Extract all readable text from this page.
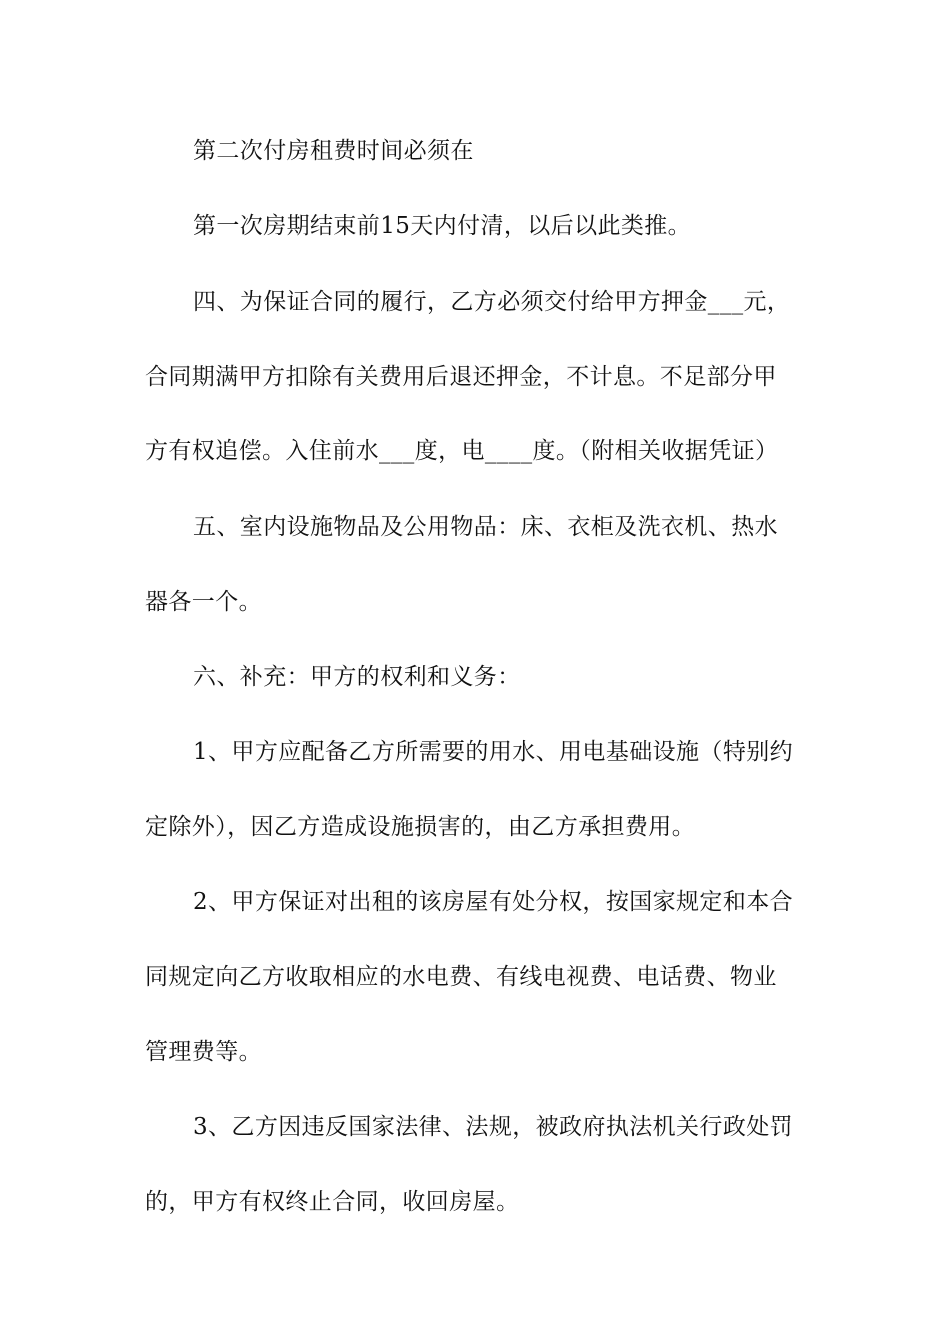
第二次付房租费时间必须在
第一次房期结束前15天内付清，以后以此类推。
四、为保证合同的履行，乙方必须交付给甲方押金___元，
合同期满甲方扣除有关费用后退还押金，不计息。不足部分甲
方有权追偿。入住前水___度，电____度。（附相关收据凭证）
五、室内设施物品及公用物品：床、衣柜及洗衣机、热水
器各一个。
六、补充：甲方的权利和义务：
1、甲方应配备乙方所需要的用水、用电基础设施（特别约
定除外），因乙方造成设施损害的，由乙方承担费用。
2、甲方保证对出租的该房屋有处分权，按国家规定和本合
同规定向乙方收取相应的水电费、有线电视费、电话费、物业
管理费等。
3、乙方因违反国家法律、法规，被政府执法机关行政处罚
的，甲方有权终止合同，收回房屋。
